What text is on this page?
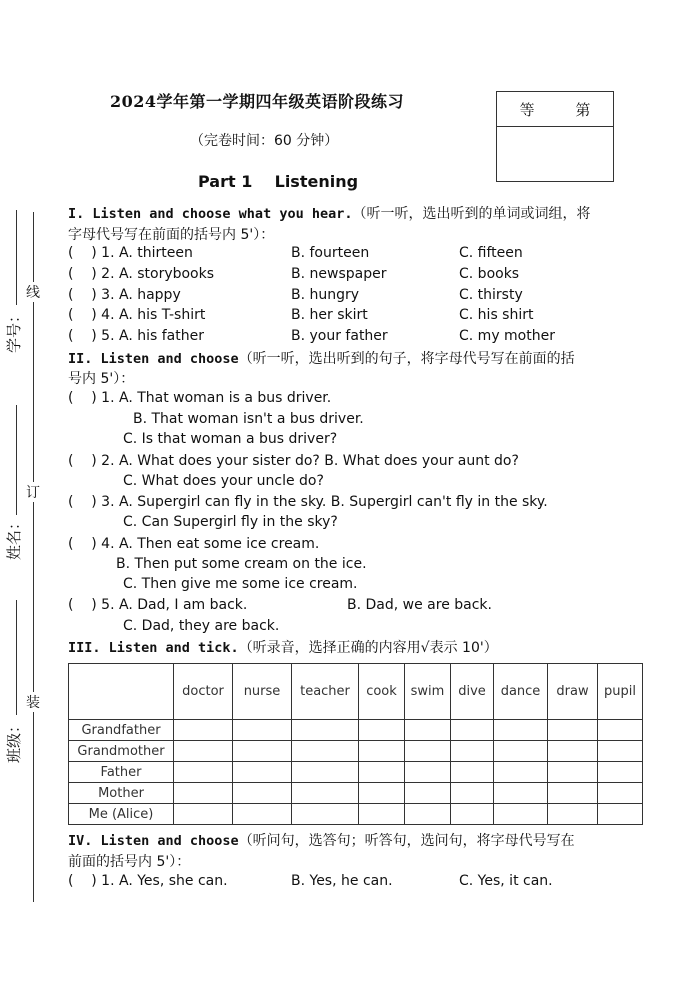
线
订
装
学号：
姓名：
班级：
2024学年第一学期四年级英语阶段练习
（完卷时间：60 分钟）
等 第
Part 1    Listening
I. Listen and choose what you hear.（听一听，选出听到的单词或词组，将
字母代号写在前面的括号内 5'）：
(    ) 1. A. thirteen	B. fourteen	C. fifteen
(    ) 2. A. storybooks	B. newspaper	C. books
(    ) 3. A. happy	B. hungry	C. thirsty
(    ) 4. A. his T-shirt	B. her skirt	C. his shirt
(    ) 5. A. his father	B. your father	C. my mother
II. Listen and choose（听一听，选出听到的句子，将字母代号写在前面的括
号内 5'）：
(    ) 1. A. That woman is a bus driver.
B. That woman isn't a bus driver.
C. Is that woman a bus driver?
(    ) 2. A. What does your sister do? B. What does your aunt do?
C. What does your uncle do?
(    ) 3. A. Supergirl can fly in the sky. B. Supergirl can't fly in the sky.
C. Can Supergirl fly in the sky?
(    ) 4. A. Then eat some ice cream.
B. Then put some cream on the ice.
C. Then give me some ice cream.
(    ) 5. A. Dad, I am back.	B. Dad, we are back.
C. Dad, they are back.
III. Listen and tick.（听录音，选择正确的内容用√表示 10'）
	doctor	nurse	teacher	cook	swim	dive	dance	draw	pupil
Grandfather									
Grandmother									
Father									
Mother									
Me (Alice)									
IV. Listen and choose（听问句，选答句；听答句，选问句，将字母代号写在
前面的括号内 5'）：
(    ) 1. A. Yes, she can.	B. Yes, he can.	C. Yes, it can.
